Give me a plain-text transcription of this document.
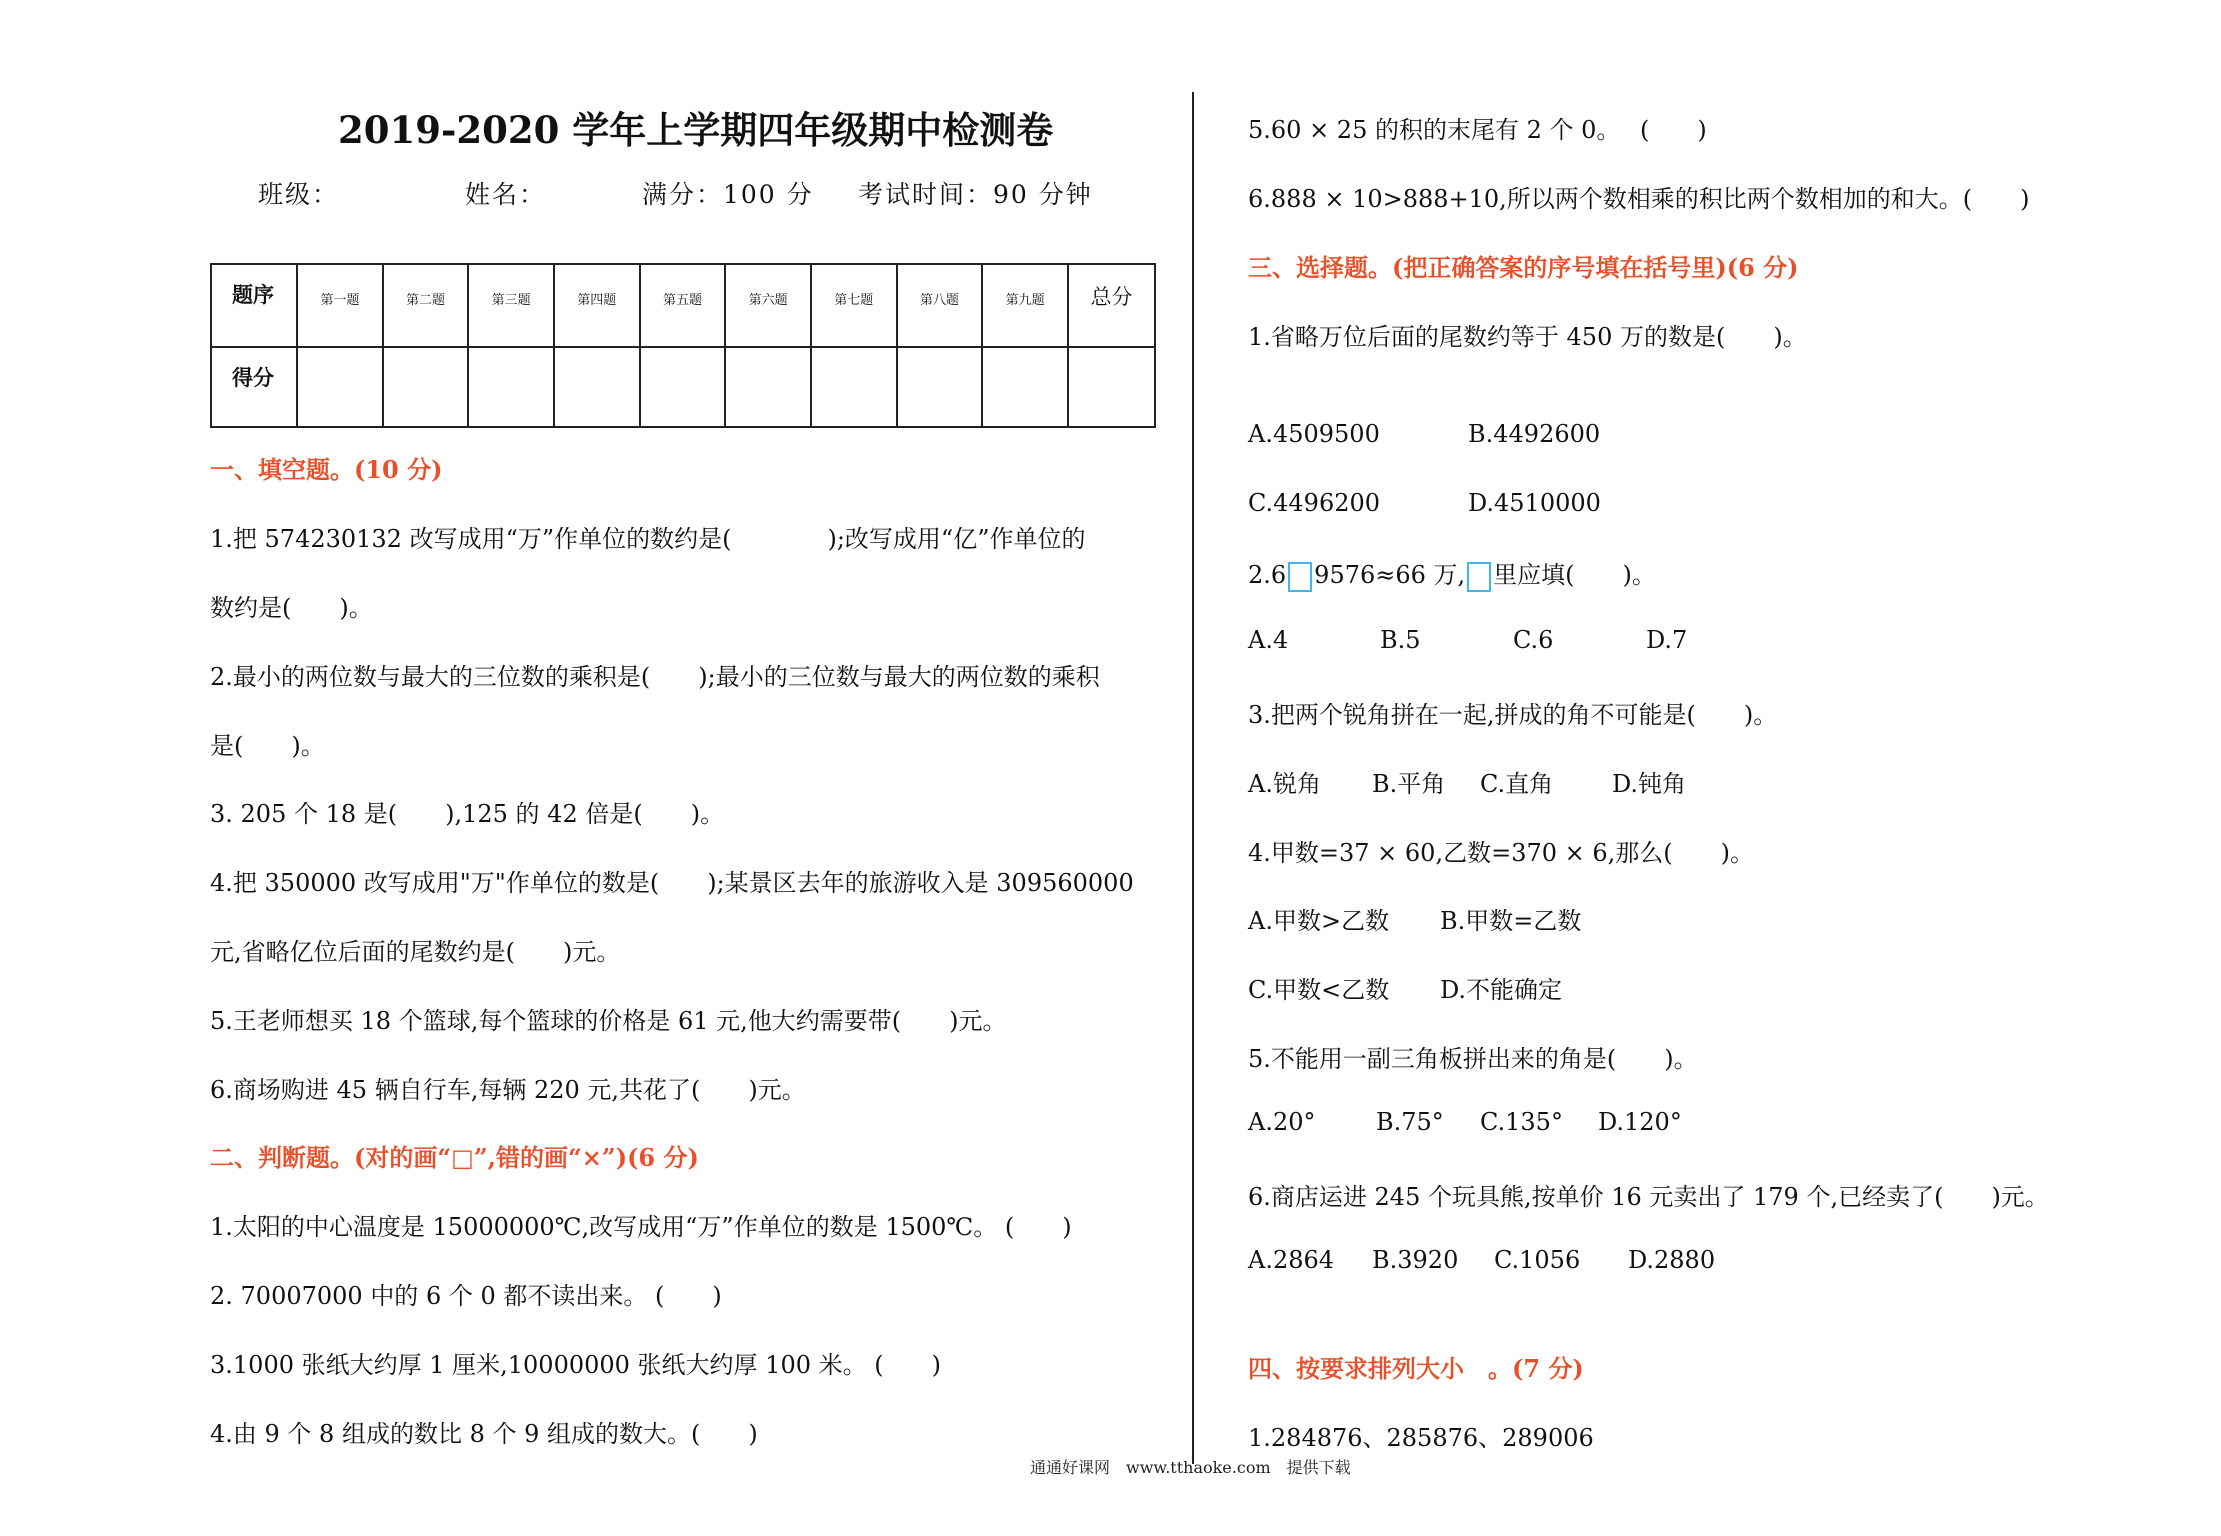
2019-2020 学年上学期四年级期中检测卷
班级：	姓名：	满分：100 分 考试时间：90 分钟
题序	第一题	第二题	第三题	第四题	第五题	第六题	第七题	第八题	第九题	总分
得分										
一、填空题。(10 分)
1.把 574230132 改写成用“万”作单位的数约是(　　　　);改写成用“亿”作单位的
数约是(　　)。
2.最小的两位数与最大的三位数的乘积是(　　);最小的三位数与最大的两位数的乘积
是(　　)。
3. 205 个 18 是(　　),125 的 42 倍是(　　)。
4.把 350000 改写成用"万"作单位的数是(　　);某景区去年的旅游收入是 309560000
元,省略亿位后面的尾数约是(　　)元。
5.王老师想买 18 个篮球,每个篮球的价格是 61 元,他大约需要带(　　)元。
6.商场购进 45 辆自行车,每辆 220 元,共花了(　　)元。
二、判断题。(对的画“□”,错的画“×”)(6 分)
1.太阳的中心温度是 15000000℃,改写成用“万”作单位的数是 1500℃。 (　　)
2. 70007000 中的 6 个 0 都不读出来。 (　　)
3.1000 张纸大约厚 1 厘米,10000000 张纸大约厚 100 米。 (　　)
4.由 9 个 8 组成的数比 8 个 9 组成的数大。(　　)
5.60 × 25 的积的末尾有 2 个 0。　 (　　)
6.888 × 10>888+10,所以两个数相乘的积比两个数相加的和大。(　　)
三、选择题。(把正确答案的序号填在括号里)(6 分)
1.省略万位后面的尾数约等于 450 万的数是(　　)。
A.4509500	B.4492600
C.4496200	D.4510000
2.6 9576≈66 万, 里应填(　　)。
A.4	B.5	C.6	D.7
3.把两个锐角拼在一起,拼成的角不可能是(　　)。
A.锐角 B.平角 C.直角 D.钝角
4.甲数=37 × 60,乙数=370 × 6,那么(　　)。
A.甲数>乙数 B.甲数=乙数
C.甲数<乙数 D.不能确定
5.不能用一副三角板拼出来的角是(　　)。
A.20°	B.75° C.135° D.120°
6.商店运进 245 个玩具熊,按单价 16 元卖出了 179 个,已经卖了(　　)元。
A.2864 B.3920 C.1056 D.2880
四、按要求排列大小　。(7 分)
1.284876、285876、289006
通通好课网　www.tthaoke.com　提供下载
